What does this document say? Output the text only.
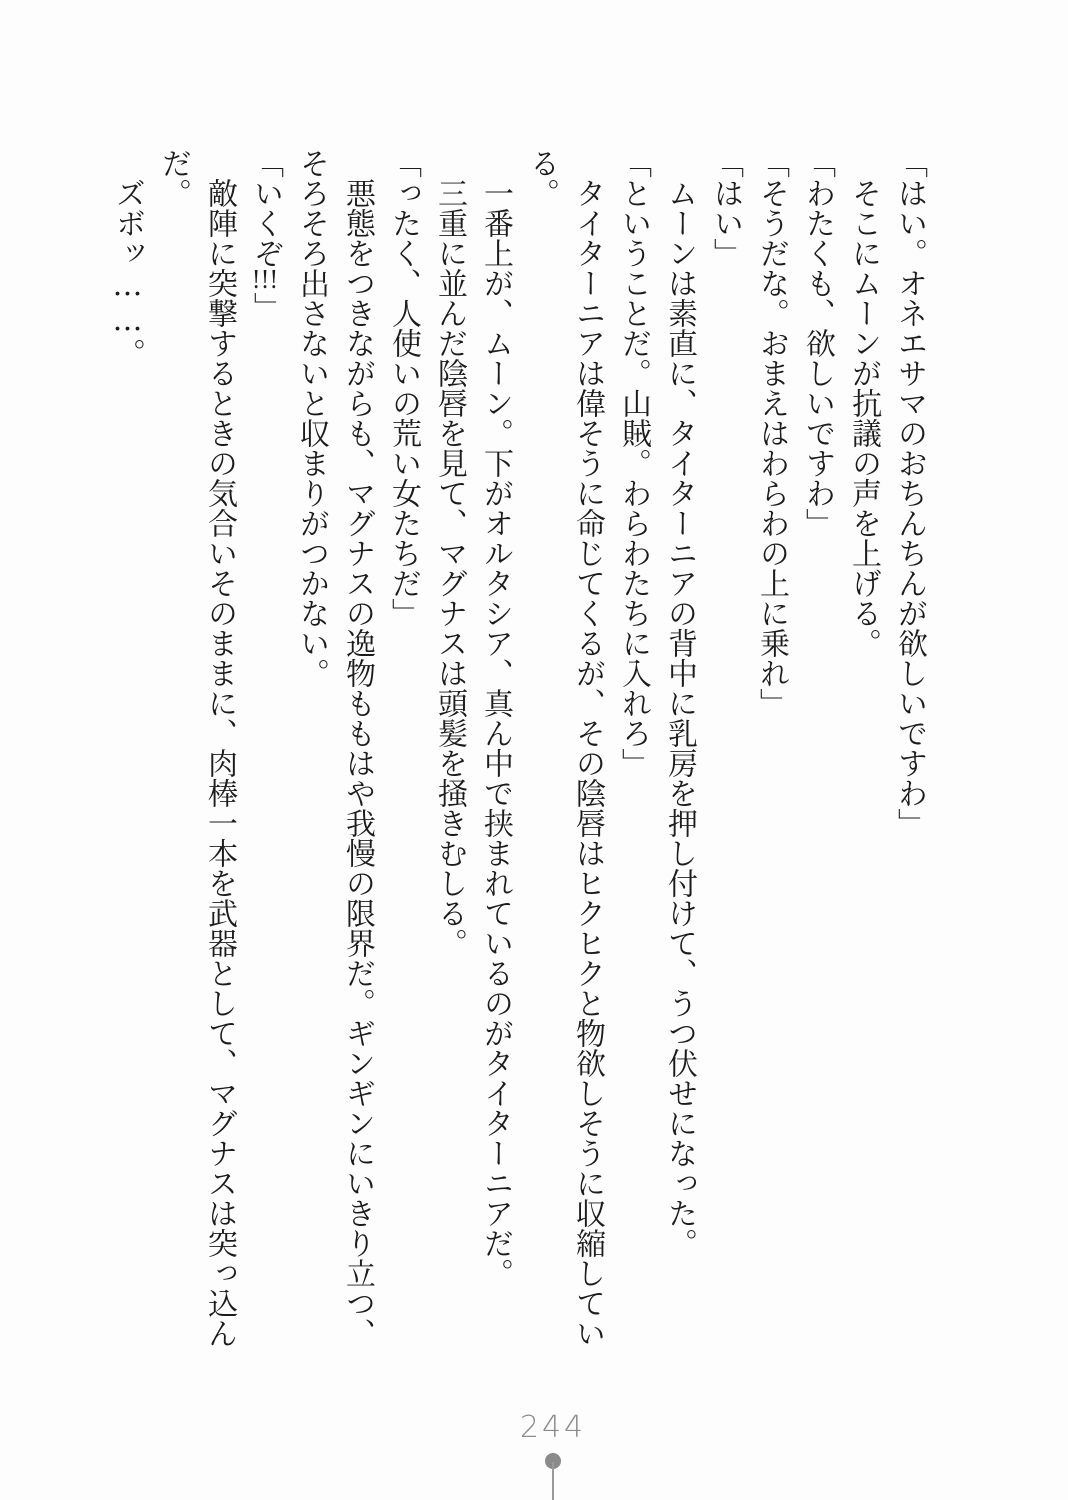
「はい。オネエサマのおちんちんが欲しいですわ」

そこにムーンが抗議の声を上げる。

「わたくも、欲しいですわ」

「そうだな。おまえはわらわの上に乗れ」

「はい」

ムーンは素直に、タイターニアの背中に乳房を押し付けて、うつ伏せになった。

「ということだ。山賊。わらわたちに入れろ」

タイターニアは偉そうに命じてくるが、その陰唇はヒクヒクと物欲しそうに収縮している。

一番上が、ムーン。下がオルタシア、真ん中で挟まれているのがタイターニアだ。

三重に並んだ陰唇を見て、マグナスは頭髪を掻きむしる。

「ったく、人使いの荒い女たちだ」

悪態をつきながらも、マグナスの逸物ももはや我慢の限界だ。ギンギンにいきり立つ、そろそろ出さないと収まりがつかない。

「いくぞ!!!」

敵陣に突撃するときの気合いそのままに、肉棒一本を武器として、マグナスは突っ込んだ。

ズボッ……。

244
